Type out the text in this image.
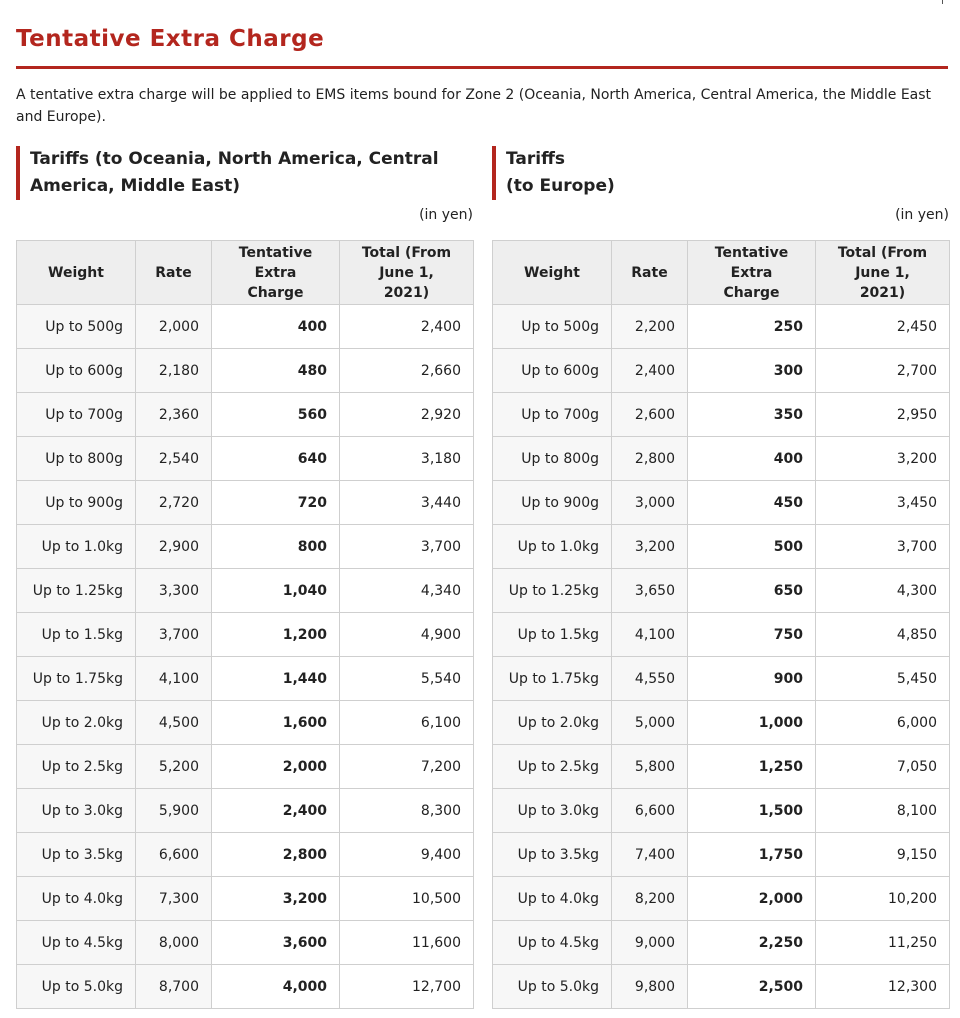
Tentative Extra Charge

A tentative extra charge will be applied to EMS items bound for Zone 2 (Oceania, North America, Central America, the Middle East and Europe).

Tariffs (to Oceania, North America, Central
America, Middle East)
(in yen)
Weight	Rate	Tentative Extra Charge	Total (From June 1, 2021)
Up to 500g	2,000	400	2,400
Up to 600g	2,180	480	2,660
Up to 700g	2,360	560	2,920
Up to 800g	2,540	640	3,180
Up to 900g	2,720	720	3,440
Up to 1.0kg	2,900	800	3,700
Up to 1.25kg	3,300	1,040	4,340
Up to 1.5kg	3,700	1,200	4,900
Up to 1.75kg	4,100	1,440	5,540
Up to 2.0kg	4,500	1,600	6,100
Up to 2.5kg	5,200	2,000	7,200
Up to 3.0kg	5,900	2,400	8,300
Up to 3.5kg	6,600	2,800	9,400
Up to 4.0kg	7,300	3,200	10,500
Up to 4.5kg	8,000	3,600	11,600
Up to 5.0kg	8,700	4,000	12,700
Tariffs
(to Europe)
(in yen)
Weight	Rate	Tentative Extra Charge	Total (From June 1, 2021)
Up to 500g	2,200	250	2,450
Up to 600g	2,400	300	2,700
Up to 700g	2,600	350	2,950
Up to 800g	2,800	400	3,200
Up to 900g	3,000	450	3,450
Up to 1.0kg	3,200	500	3,700
Up to 1.25kg	3,650	650	4,300
Up to 1.5kg	4,100	750	4,850
Up to 1.75kg	4,550	900	5,450
Up to 2.0kg	5,000	1,000	6,000
Up to 2.5kg	5,800	1,250	7,050
Up to 3.0kg	6,600	1,500	8,100
Up to 3.5kg	7,400	1,750	9,150
Up to 4.0kg	8,200	2,000	10,200
Up to 4.5kg	9,000	2,250	11,250
Up to 5.0kg	9,800	2,500	12,300
